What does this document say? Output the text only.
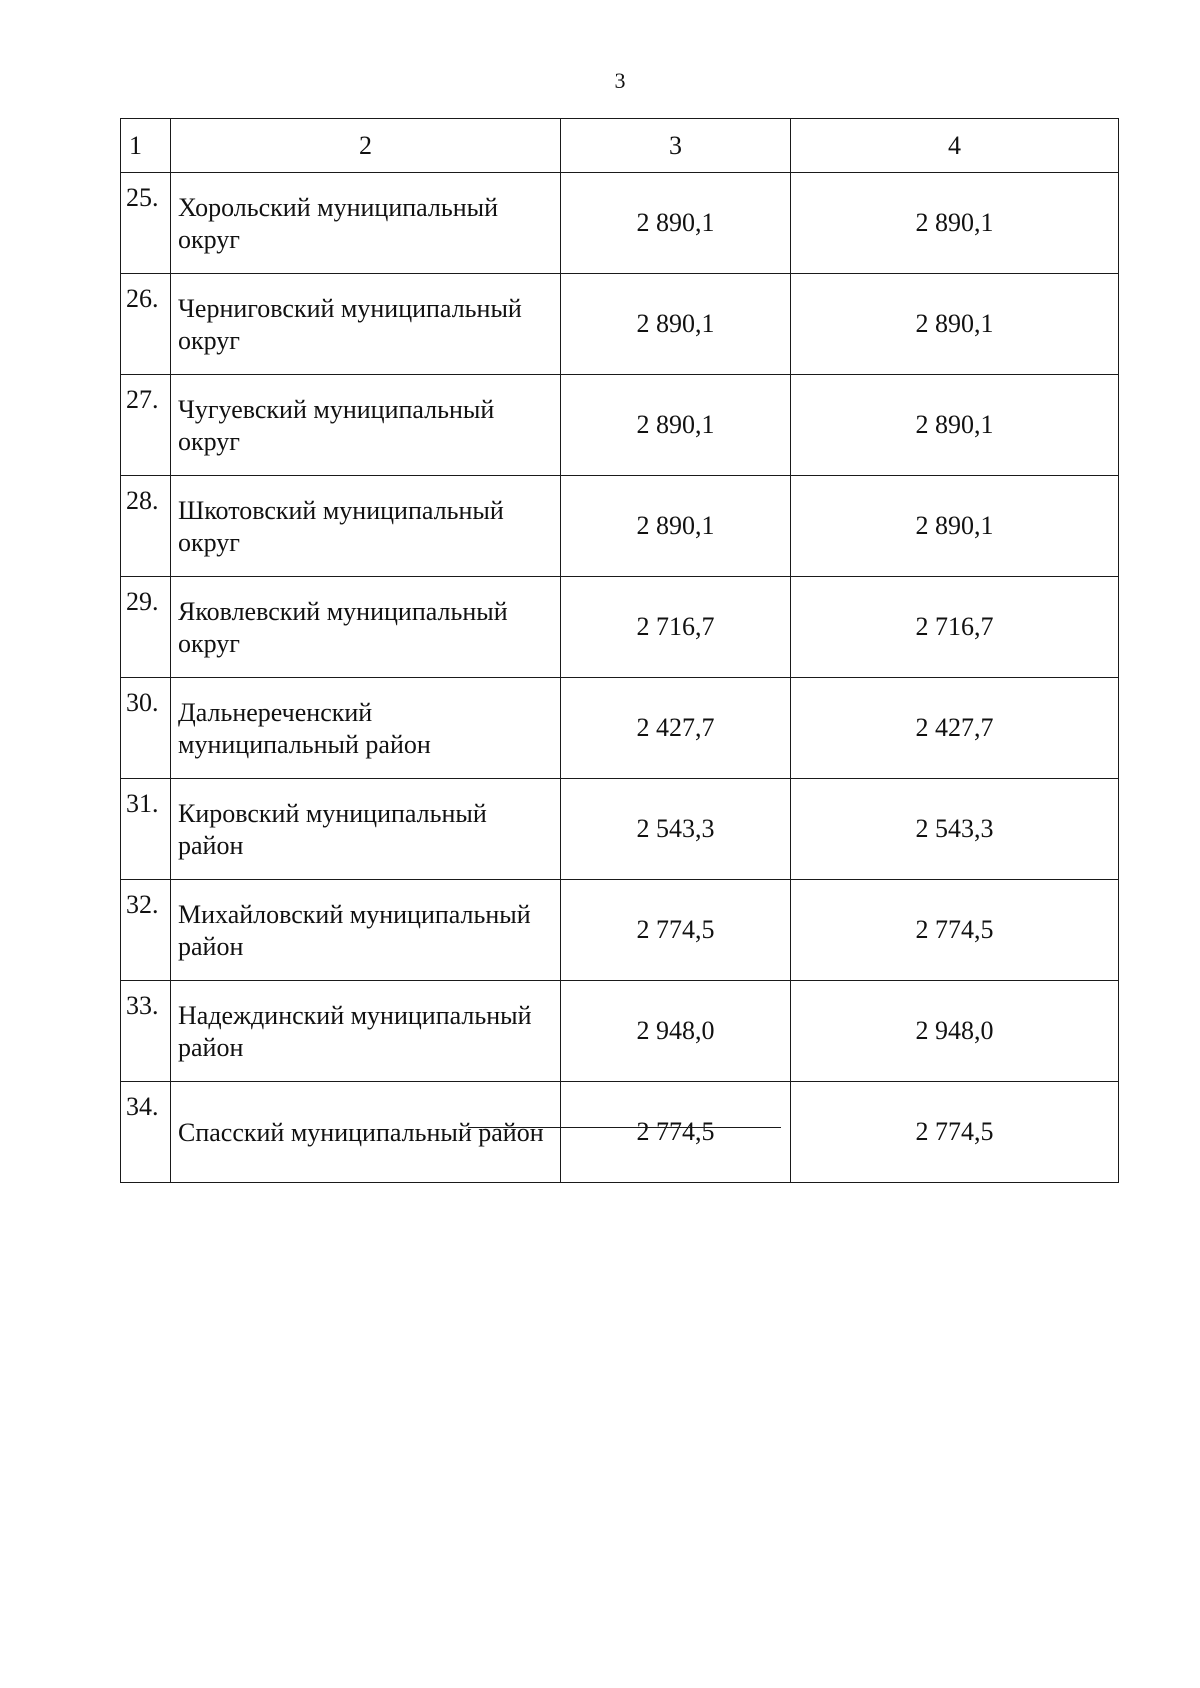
3
1	2	3	4
25.	Хорольский муниципальный округ	2 890,1	2 890,1
26.	Черниговский муниципальный округ	2 890,1	2 890,1
27.	Чугуевский муниципальный округ	2 890,1	2 890,1
28.	Шкотовский муниципальный округ	2 890,1	2 890,1
29.	Яковлевский муниципальный округ	2 716,7	2 716,7
30.	Дальнереченский муниципальный район	2 427,7	2 427,7
31.	Кировский муниципальный район	2 543,3	2 543,3
32.	Михайловский муниципальный район	2 774,5	2 774,5
33.	Надеждинский муниципальный район	2 948,0	2 948,0
34.	Спасский муниципальный район	2 774,5	2 774,5
